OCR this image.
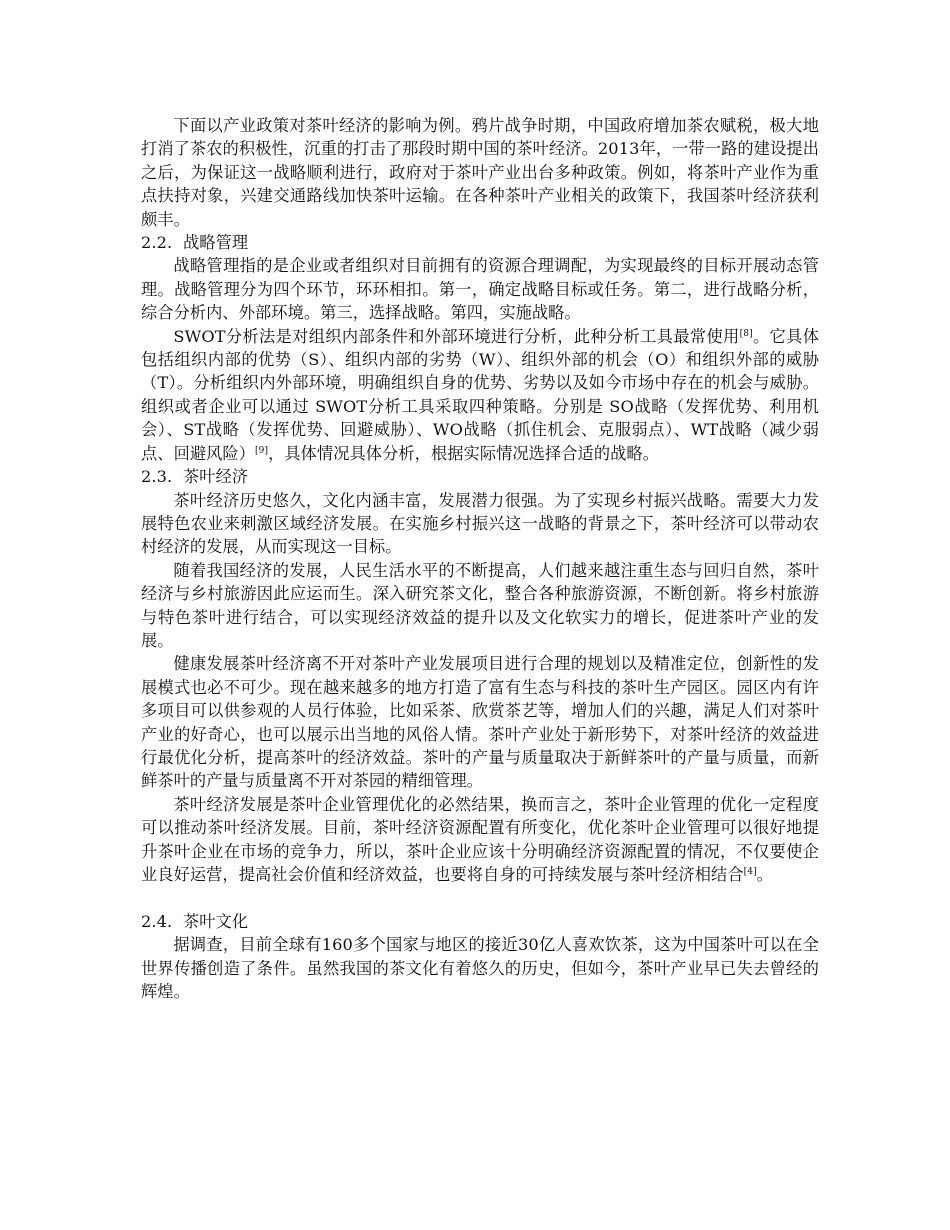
下面以产业政策对茶叶经济的影响为例。鸦片战争时期，中国政府增加茶农赋税，极大地打消了茶农的积极性，沉重的打击了那段时期中国的茶叶经济。2013年，一带一路的建设提出之后，为保证这一战略顺利进行，政府对于茶叶产业出台多种政策。例如，将茶叶产业作为重点扶持对象，兴建交通路线加快茶叶运输。在各种茶叶产业相关的政策下，我国茶叶经济获利颇丰。

2.2. 战略管理

战略管理指的是企业或者组织对目前拥有的资源合理调配，为实现最终的目标开展动态管理。战略管理分为四个环节，环环相扣。第一，确定战略目标或任务。第二，进行战略分析，综合分析内、外部环境。第三，选择战略。第四，实施战略。

SWOT分析法是对组织内部条件和外部环境进行分析，此种分析工具最常使用[8]。它具体包括组织内部的优势（S）、组织内部的劣势（W）、组织外部的机会（O）和组织外部的威胁（T）。分析组织内外部环境，明确组织自身的优势、劣势以及如今市场中存在的机会与威胁。组织或者企业可以通过 SWOT分析工具采取四种策略。分别是 SO战略（发挥优势、利用机会）、ST战略（发挥优势、回避威胁）、WO战略（抓住机会、克服弱点）、WT战略（减少弱点、回避风险）[9]，具体情况具体分析，根据实际情况选择合适的战略。

2.3. 茶叶经济

茶叶经济历史悠久，文化内涵丰富，发展潜力很强。为了实现乡村振兴战略。需要大力发展特色农业来刺激区域经济发展。在实施乡村振兴这一战略的背景之下，茶叶经济可以带动农村经济的发展，从而实现这一目标。

随着我国经济的发展，人民生活水平的不断提高，人们越来越注重生态与回归自然，茶叶经济与乡村旅游因此应运而生。深入研究茶文化，整合各种旅游资源，不断创新。将乡村旅游与特色茶叶进行结合，可以实现经济效益的提升以及文化软实力的增长，促进茶叶产业的发展。

健康发展茶叶经济离不开对茶叶产业发展项目进行合理的规划以及精准定位，创新性的发展模式也必不可少。现在越来越多的地方打造了富有生态与科技的茶叶生产园区。园区内有许多项目可以供参观的人员行体验，比如采茶、欣赏茶艺等，增加人们的兴趣，满足人们对茶叶产业的好奇心，也可以展示出当地的风俗人情。茶叶产业处于新形势下，对茶叶经济的效益进行最优化分析，提高茶叶的经济效益。茶叶的产量与质量取决于新鲜茶叶的产量与质量，而新鲜茶叶的产量与质量离不开对茶园的精细管理。

茶叶经济发展是茶叶企业管理优化的必然结果，换而言之，茶叶企业管理的优化一定程度可以推动茶叶经济发展。目前，茶叶经济资源配置有所变化，优化茶叶企业管理可以很好地提升茶叶企业在市场的竞争力，所以，茶叶企业应该十分明确经济资源配置的情况，不仅要使企业良好运营，提高社会价值和经济效益，也要将自身的可持续发展与茶叶经济相结合[4]。

2.4. 茶叶文化

据调查，目前全球有160多个国家与地区的接近30亿人喜欢饮茶，这为中国茶叶可以在全世界传播创造了条件。虽然我国的茶文化有着悠久的历史，但如今，茶叶产业早已失去曾经的辉煌。
